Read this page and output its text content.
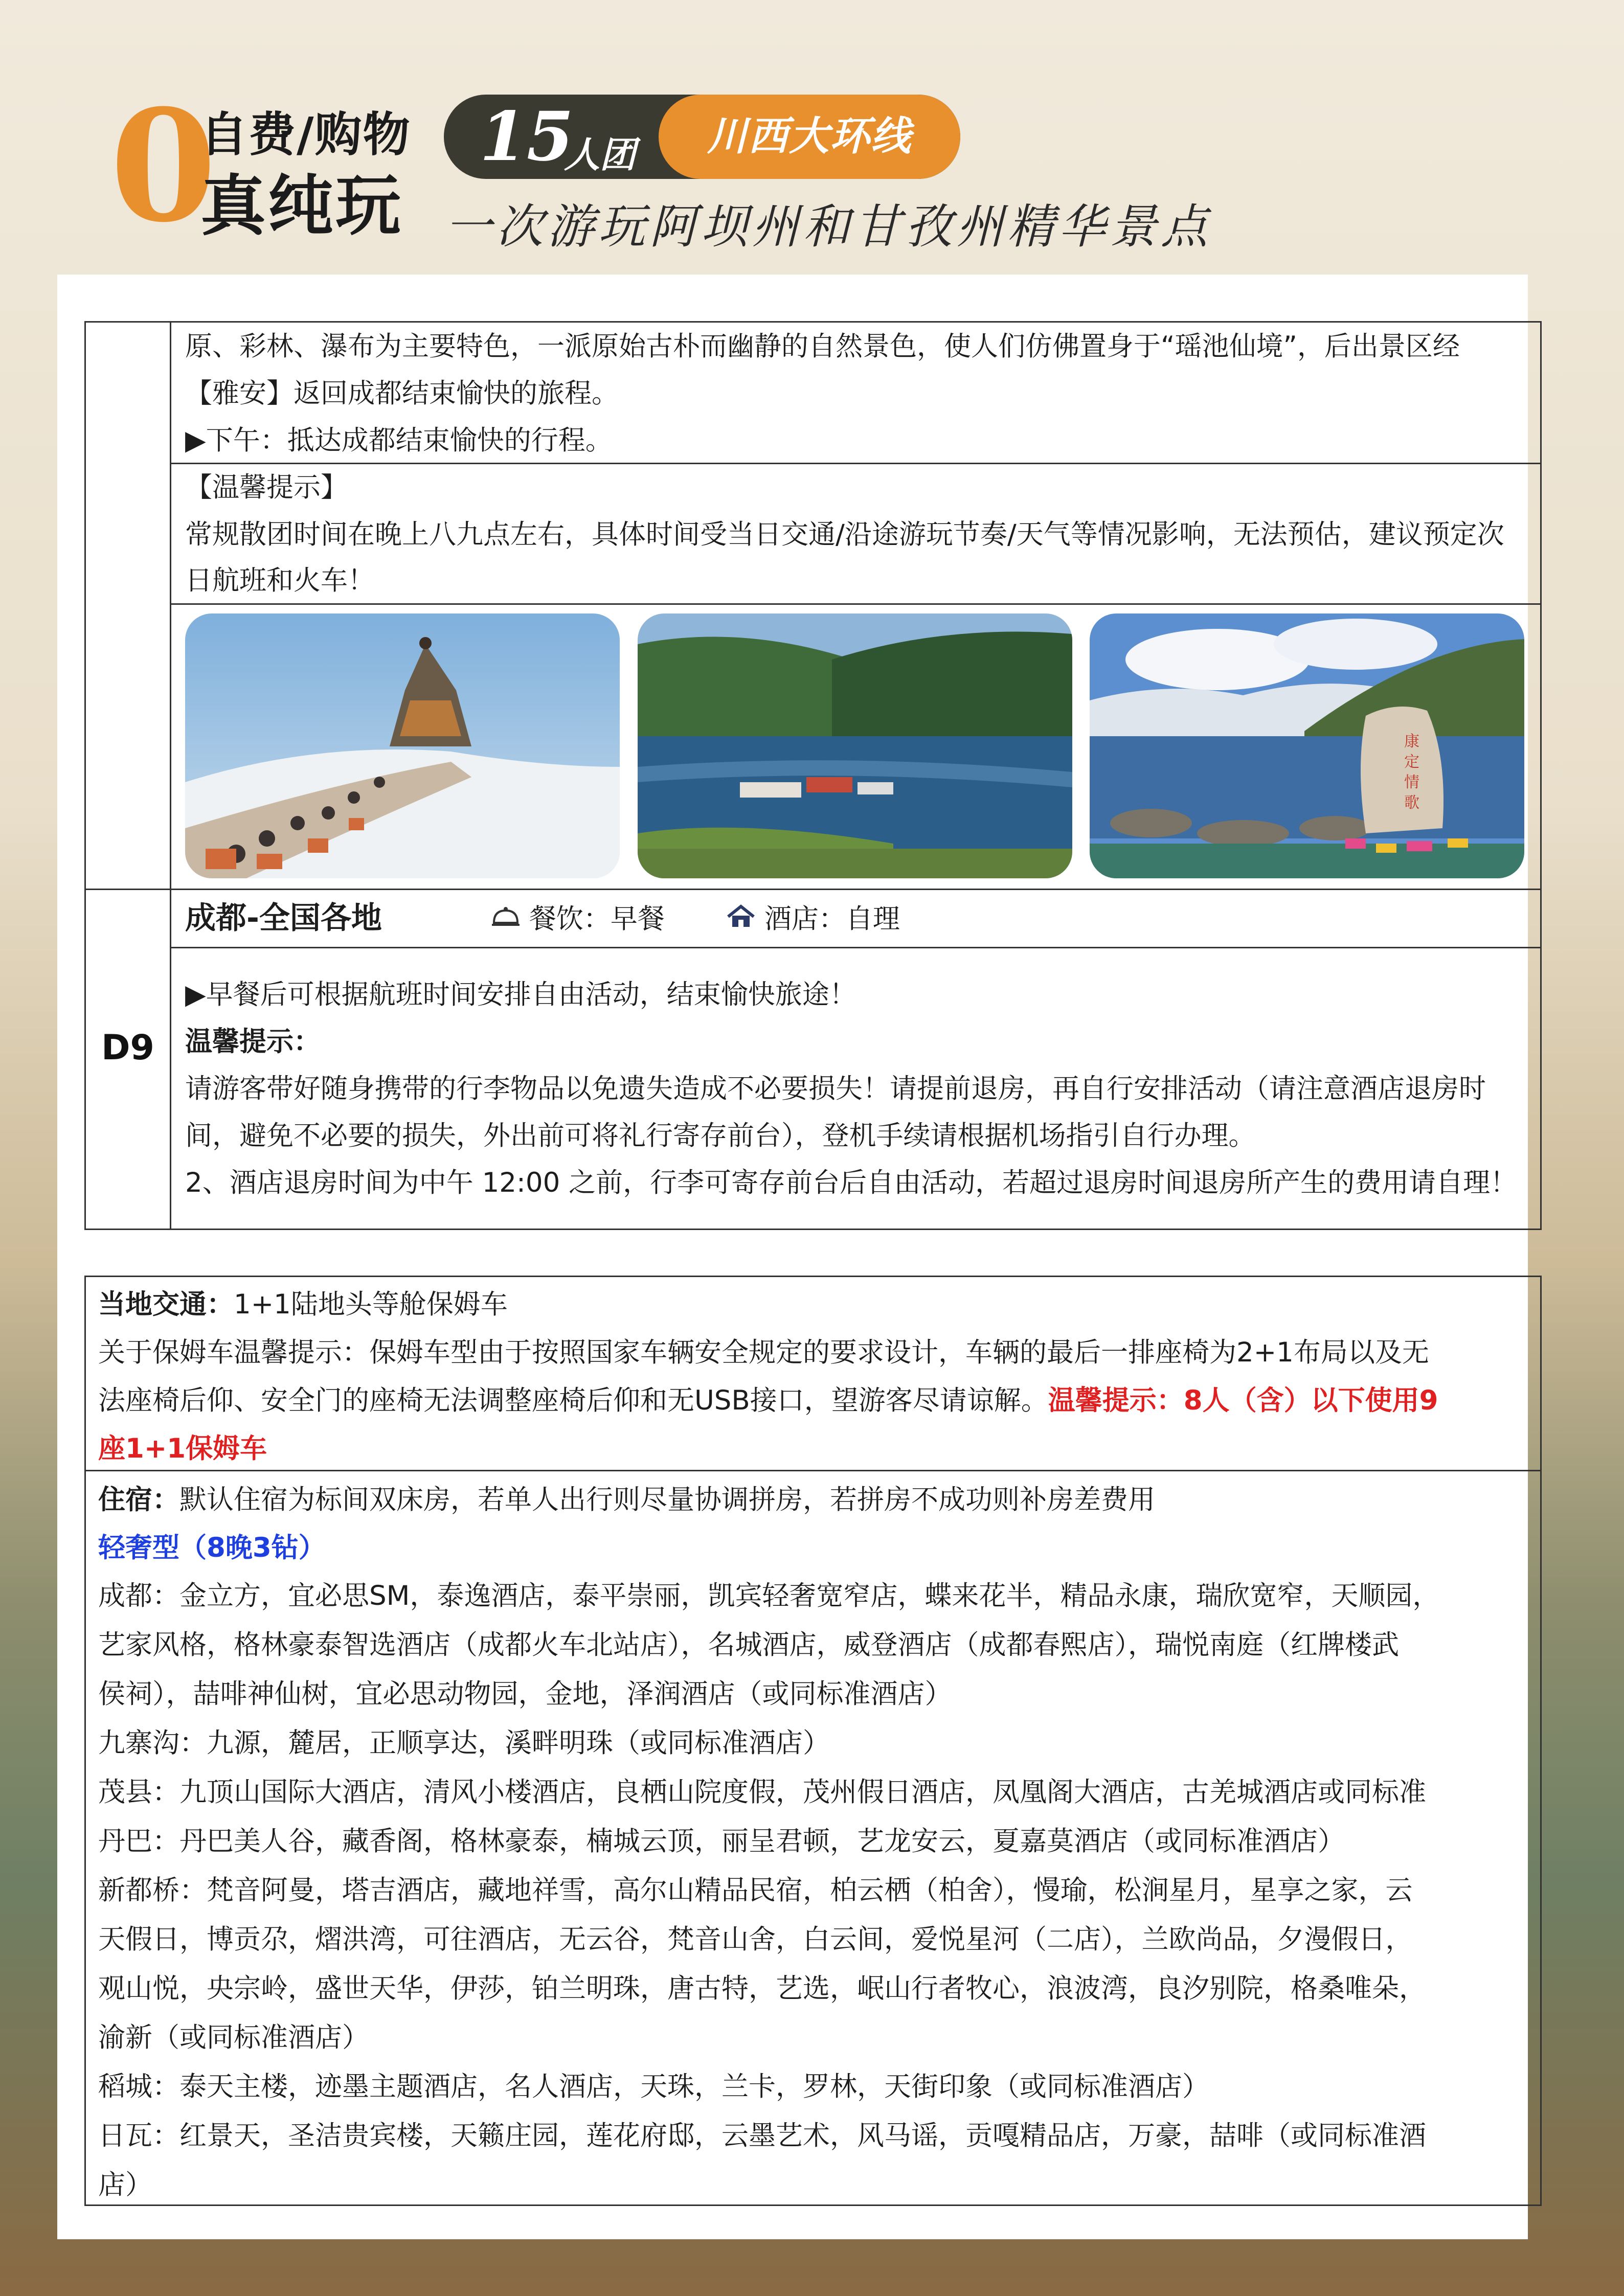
0
自费/购物
真纯玩
15
人团	川西大环线
一次游玩阿坝州和甘孜州精华景点
原、彩林、瀑布为主要特色，一派原始古朴而幽静的自然景色，使人们仿佛置身于“瑶池仙境”，后出景区经
【雅安】返回成都结束愉快的旅程。
▶下午：抵达成都结束愉快的行程。
【温馨提示】
常规散团时间在晚上八九点左右，具体时间受当日交通/沿途游玩节奏/天气等情况影响，无法预估，建议预定次
日航班和火车！
康
定
情
歌
D9
成都-全国各地	餐饮：早餐	酒店：自理
▶早餐后可根据航班时间安排自由活动，结束愉快旅途！
温馨提示：
请游客带好随身携带的行李物品以免遗失造成不必要损失！请提前退房，再自行安排活动（请注意酒店退房时
间，避免不必要的损失，外出前可将礼行寄存前台），登机手续请根据机场指引自行办理。
2、酒店退房时间为中午 12:00 之前，行李可寄存前台后自由活动，若超过退房时间退房所产生的费用请自理！
当地交通：1+1陆地头等舱保姆车
关于保姆车温馨提示：保姆车型由于按照国家车辆安全规定的要求设计，车辆的最后一排座椅为2+1布局以及无
法座椅后仰、安全门的座椅无法调整座椅后仰和无USB接口，望游客尽请谅解。温馨提示：8人（含）以下使用9
座1+1保姆车
住宿：默认住宿为标间双床房，若单人出行则尽量协调拼房，若拼房不成功则补房差费用
轻奢型（8晚3钻）
成都：金立方，宜必思SM，泰逸酒店，泰平崇丽，凯宾轻奢宽窄店，蝶来花半，精品永康，瑞欣宽窄，天顺园，
艺家风格，格林豪泰智选酒店（成都火车北站店），名城酒店，威登酒店（成都春熙店），瑞悦南庭（红牌楼武
侯祠），喆啡神仙树，宜必思动物园，金地，泽润酒店（或同标准酒店）
九寨沟：九源，麓居，正顺享达，溪畔明珠（或同标准酒店）
茂县：九顶山国际大酒店，清风小楼酒店，良栖山院度假，茂州假日酒店，凤凰阁大酒店，古羌城酒店或同标准
丹巴：丹巴美人谷，藏香阁，格林豪泰，楠城云顶，丽呈君顿，艺龙安云，夏嘉莫酒店（或同标准酒店）
新都桥：梵音阿曼，塔吉酒店，藏地祥雪，高尔山精品民宿，柏云栖（柏舍），慢瑜，松涧星月，星享之家，云
天假日，博贡尕，熠洪湾，可往酒店，无云谷，梵音山舍，白云间，爱悦星河（二店），兰欧尚品，夕漫假日，
观山悦，央宗岭，盛世天华，伊莎，铂兰明珠，唐古特，艺选，岷山行者牧心，浪波湾，良汐别院，格桑唯朵，
渝新（或同标准酒店）
稻城：泰天主楼，迹墨主题酒店，名人酒店，天珠，兰卡，罗林，天街印象（或同标准酒店）
日瓦：红景天，圣洁贵宾楼，天籁庄园，莲花府邸，云墨艺术，风马谣，贡嘎精品店，万豪，喆啡（或同标准酒
店）
